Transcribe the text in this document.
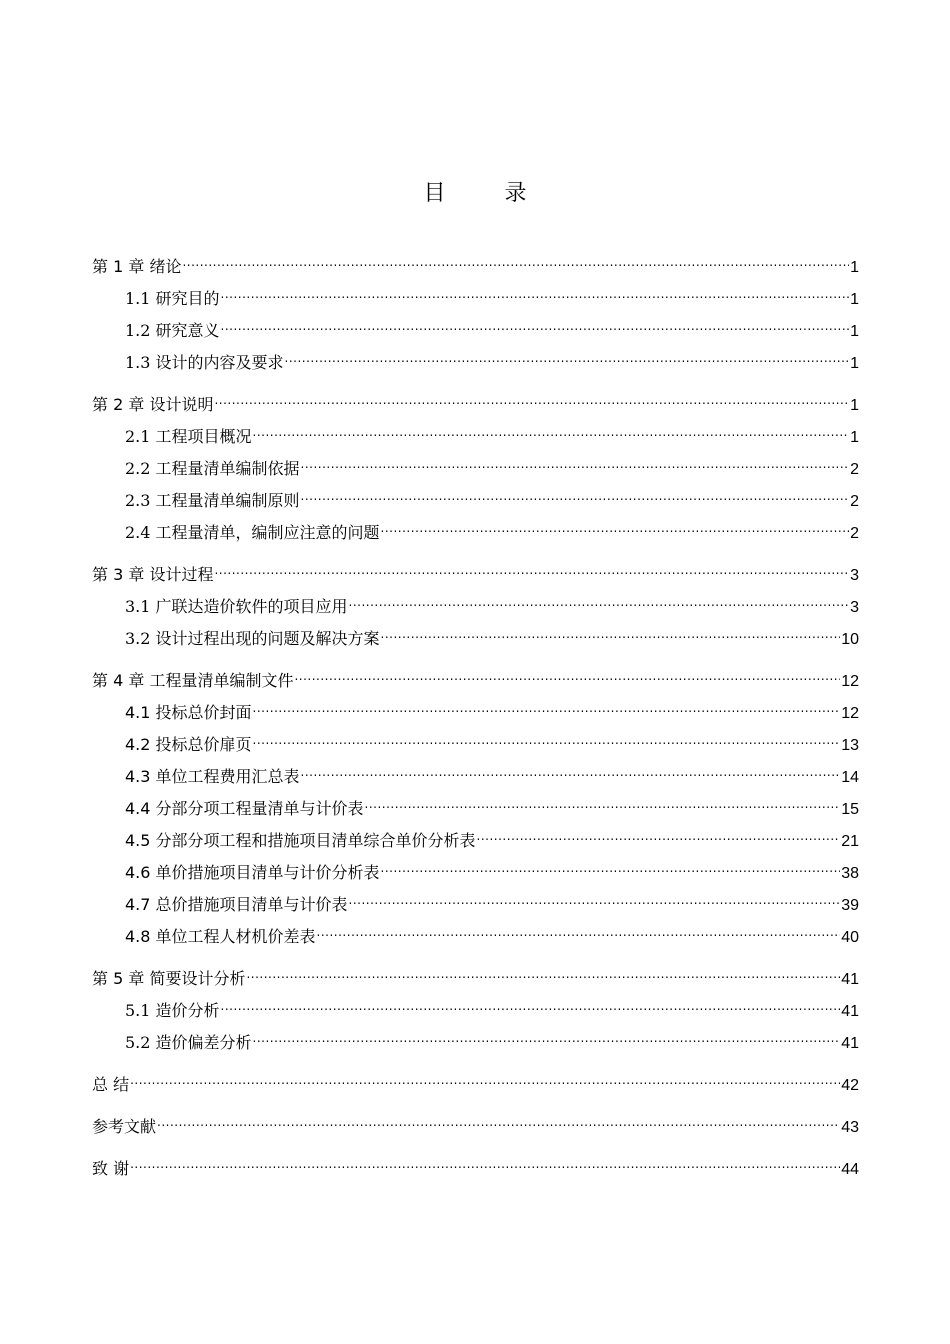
目 录
第 1 章 绪论 .....	1
1.1 研究目的 .....	1
1.2 研究意义 .....	1
1.3 设计的内容及要求 .....	1
第 2 章 设计说明 .....	1
2.1 工程项目概况 .....	1
2.2 工程量清单编制依据 .....	2
2.3 工程量清单编制原则 .....	2
2.4 工程量清单，编制应注意的问题 .....	2
第 3 章 设计过程 .....	3
3.1 广联达造价软件的项目应用 .....	3
3.2 设计过程出现的问题及解决方案 .....	10
第 4 章 工程量清单编制文件 .....	12
4.1 投标总价封面 .....	12
4.2 投标总价扉页 .....	13
4.3 单位工程费用汇总表 .....	14
4.4 分部分项工程量清单与计价表 .....	15
4.5 分部分项工程和措施项目清单综合单价分析表 .....	21
4.6 单价措施项目清单与计价分析表 .....	38
4.7 总价措施项目清单与计价表 .....	39
4.8 单位工程人材机价差表 .....	40
第 5 章 简要设计分析 .....	41
5.1 造价分析 .....	41
5.2 造价偏差分析 .....	41
总 结 .....	42
参考文献 .....	43
致 谢 .....	44
